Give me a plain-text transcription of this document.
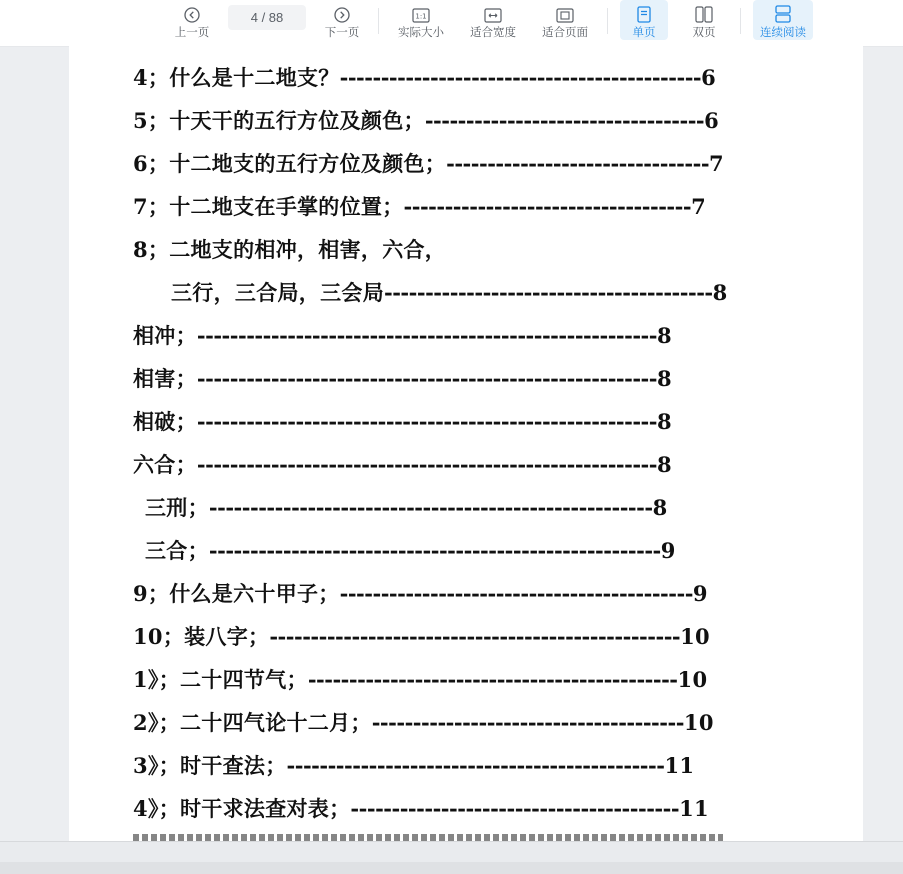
上一页
4 / 88
下一页
1:1
实际大小 适合宽度 适合页面	单页	双页	连续阅读
4；什么是十二地支？ -------------------------------------------- 6
5；十天干的五行方位及颜色； ---------------------------------- 6
6；十二地支的五行方位及颜色； -------------------------------- 7
7；十二地支在手掌的位置； ----------------------------------- 7
8；二地支的相冲，相害，六合，
三行，三合局，三会局 ---------------------------------------- 8
相冲； -------------------------------------------------------- 8
相害； -------------------------------------------------------- 8
相破； -------------------------------------------------------- 8
六合； -------------------------------------------------------- 8
三刑； ------------------------------------------------------ 8
三合； ------------------------------------------------------- 9
9；什么是六十甲子； ------------------------------------------- 9
10；装八字； -------------------------------------------------- 10
1》；二十四节气； --------------------------------------------- 10
2》；二十四气论十二月； -------------------------------------- 10
3》；时干查法； ---------------------------------------------- 11
4》；时干求法查对表； ---------------------------------------- 11
